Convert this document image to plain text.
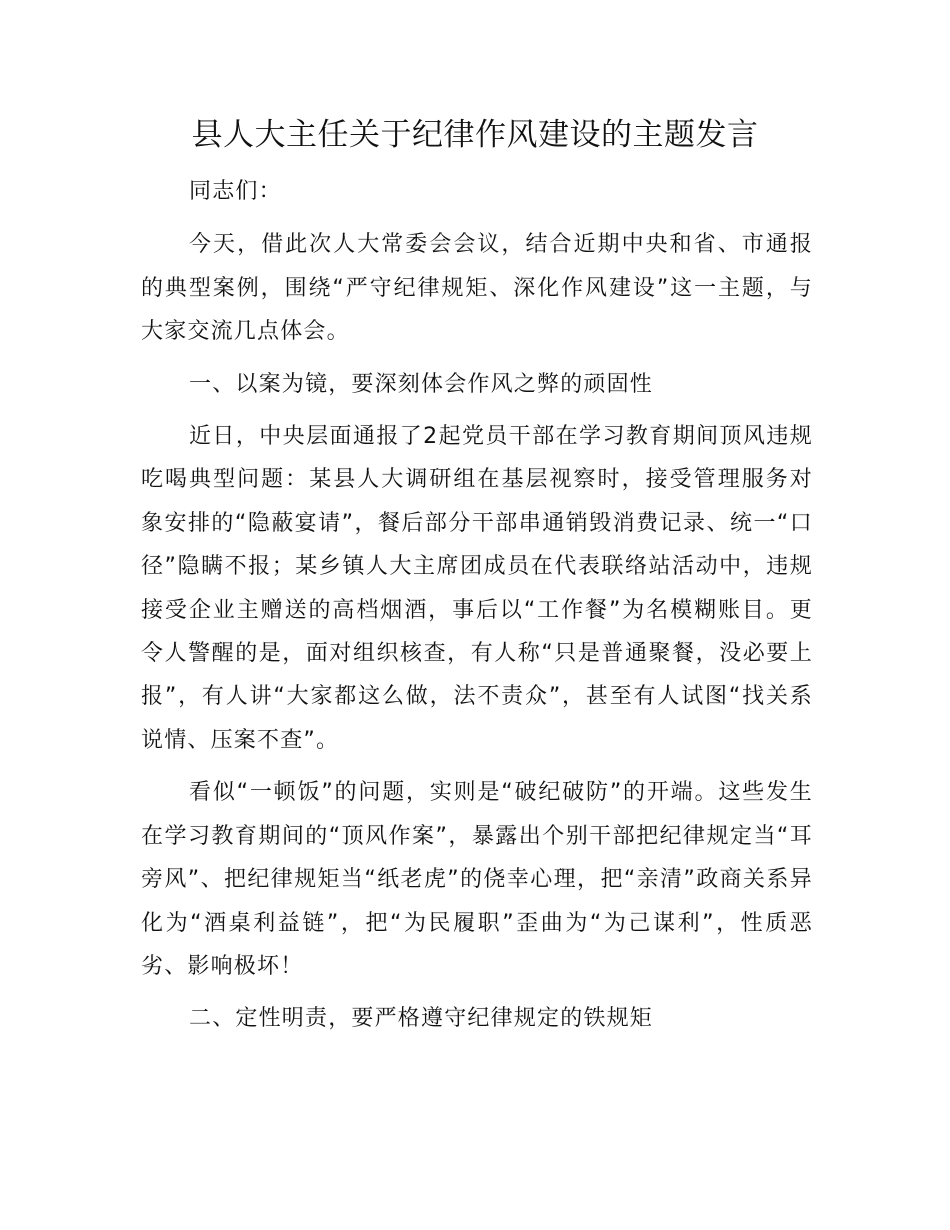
县人大主任关于纪律作风建设的主题发言

同志们：

今天，借此次人大常委会会议，结合近期中央和省、市通报的典型案例，围绕“严守纪律规矩、深化作风建设”这一主题，与大家交流几点体会。

一、以案为镜，要深刻体会作风之弊的顽固性

近日，中央层面通报了2起党员干部在学习教育期间顶风违规吃喝典型问题：某县人大调研组在基层视察时，接受管理服务对象安排的“隐蔽宴请”，餐后部分干部串通销毁消费记录、统一“口径”隐瞒不报；某乡镇人大主席团成员在代表联络站活动中，违规接受企业主赠送的高档烟酒，事后以“工作餐”为名模糊账目。更令人警醒的是，面对组织核查，有人称“只是普通聚餐，没必要上报”，有人讲“大家都这么做，法不责众”，甚至有人试图“找关系说情、压案不查”。

看似“一顿饭”的问题，实则是“破纪破防”的开端。这些发生在学习教育期间的“顶风作案”，暴露出个别干部把纪律规定当“耳旁风”、把纪律规矩当“纸老虎”的侥幸心理，把“亲清”政商关系异化为“酒桌利益链”，把“为民履职”歪曲为“为己谋利”，性质恶劣、影响极坏！

二、定性明责，要严格遵守纪律规定的铁规矩
